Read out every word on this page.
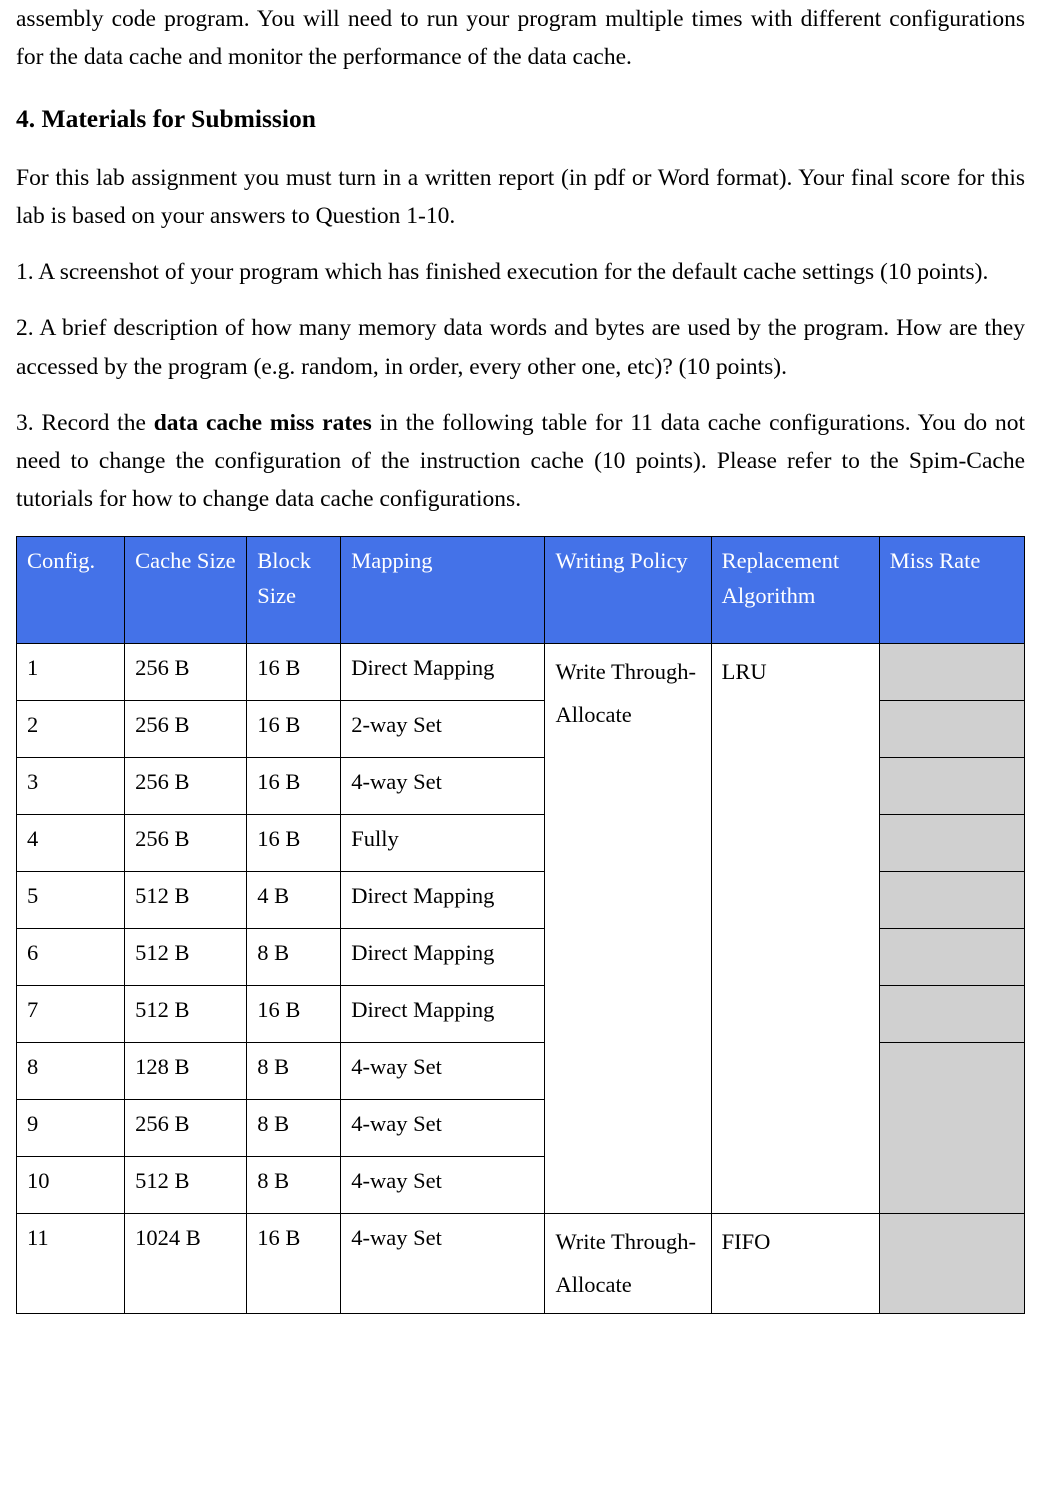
assembly code program. You will need to run your program multiple times with different configurations for the data cache and monitor the performance of the data cache.

4. Materials for Submission

For this lab assignment you must turn in a written report (in pdf or Word format). Your final score for this lab is based on your answers to Question 1-10.

1. A screenshot of your program which has finished execution for the default cache settings (10 points).

2. A brief description of how many memory data words and bytes are used by the program. How are they accessed by the program (e.g. random, in order, every other one, etc)? (10 points).

3. Record the data cache miss rates in the following table for 11 data cache configurations. You do not need to change the configuration of the instruction cache (10 points). Please refer to the Spim-Cache tutorials for how to change data cache configurations.

Config.	Cache Size	Block Size	Mapping	Writing Policy	Replacement Algorithm	Miss Rate
1	256 B	16 B	Direct Mapping	Write Through- Allocate	LRU	

2	256 B	16 B	2-way Set			
3	256 B	16 B	4-way Set			
4	256 B	16 B	Fully			
5	512 B	4 B	Direct Mapping			
6	512 B	8 B	Direct Mapping			
7	512 B	16 B	Direct Mapping			
8	128 B	8 B	4-way Set			
9	256 B	8 B	4-way Set			
10	512 B	8 B	4-way Set			
11	1024 B	16 B	4-way Set	Write Through- Allocate	FIFO	
